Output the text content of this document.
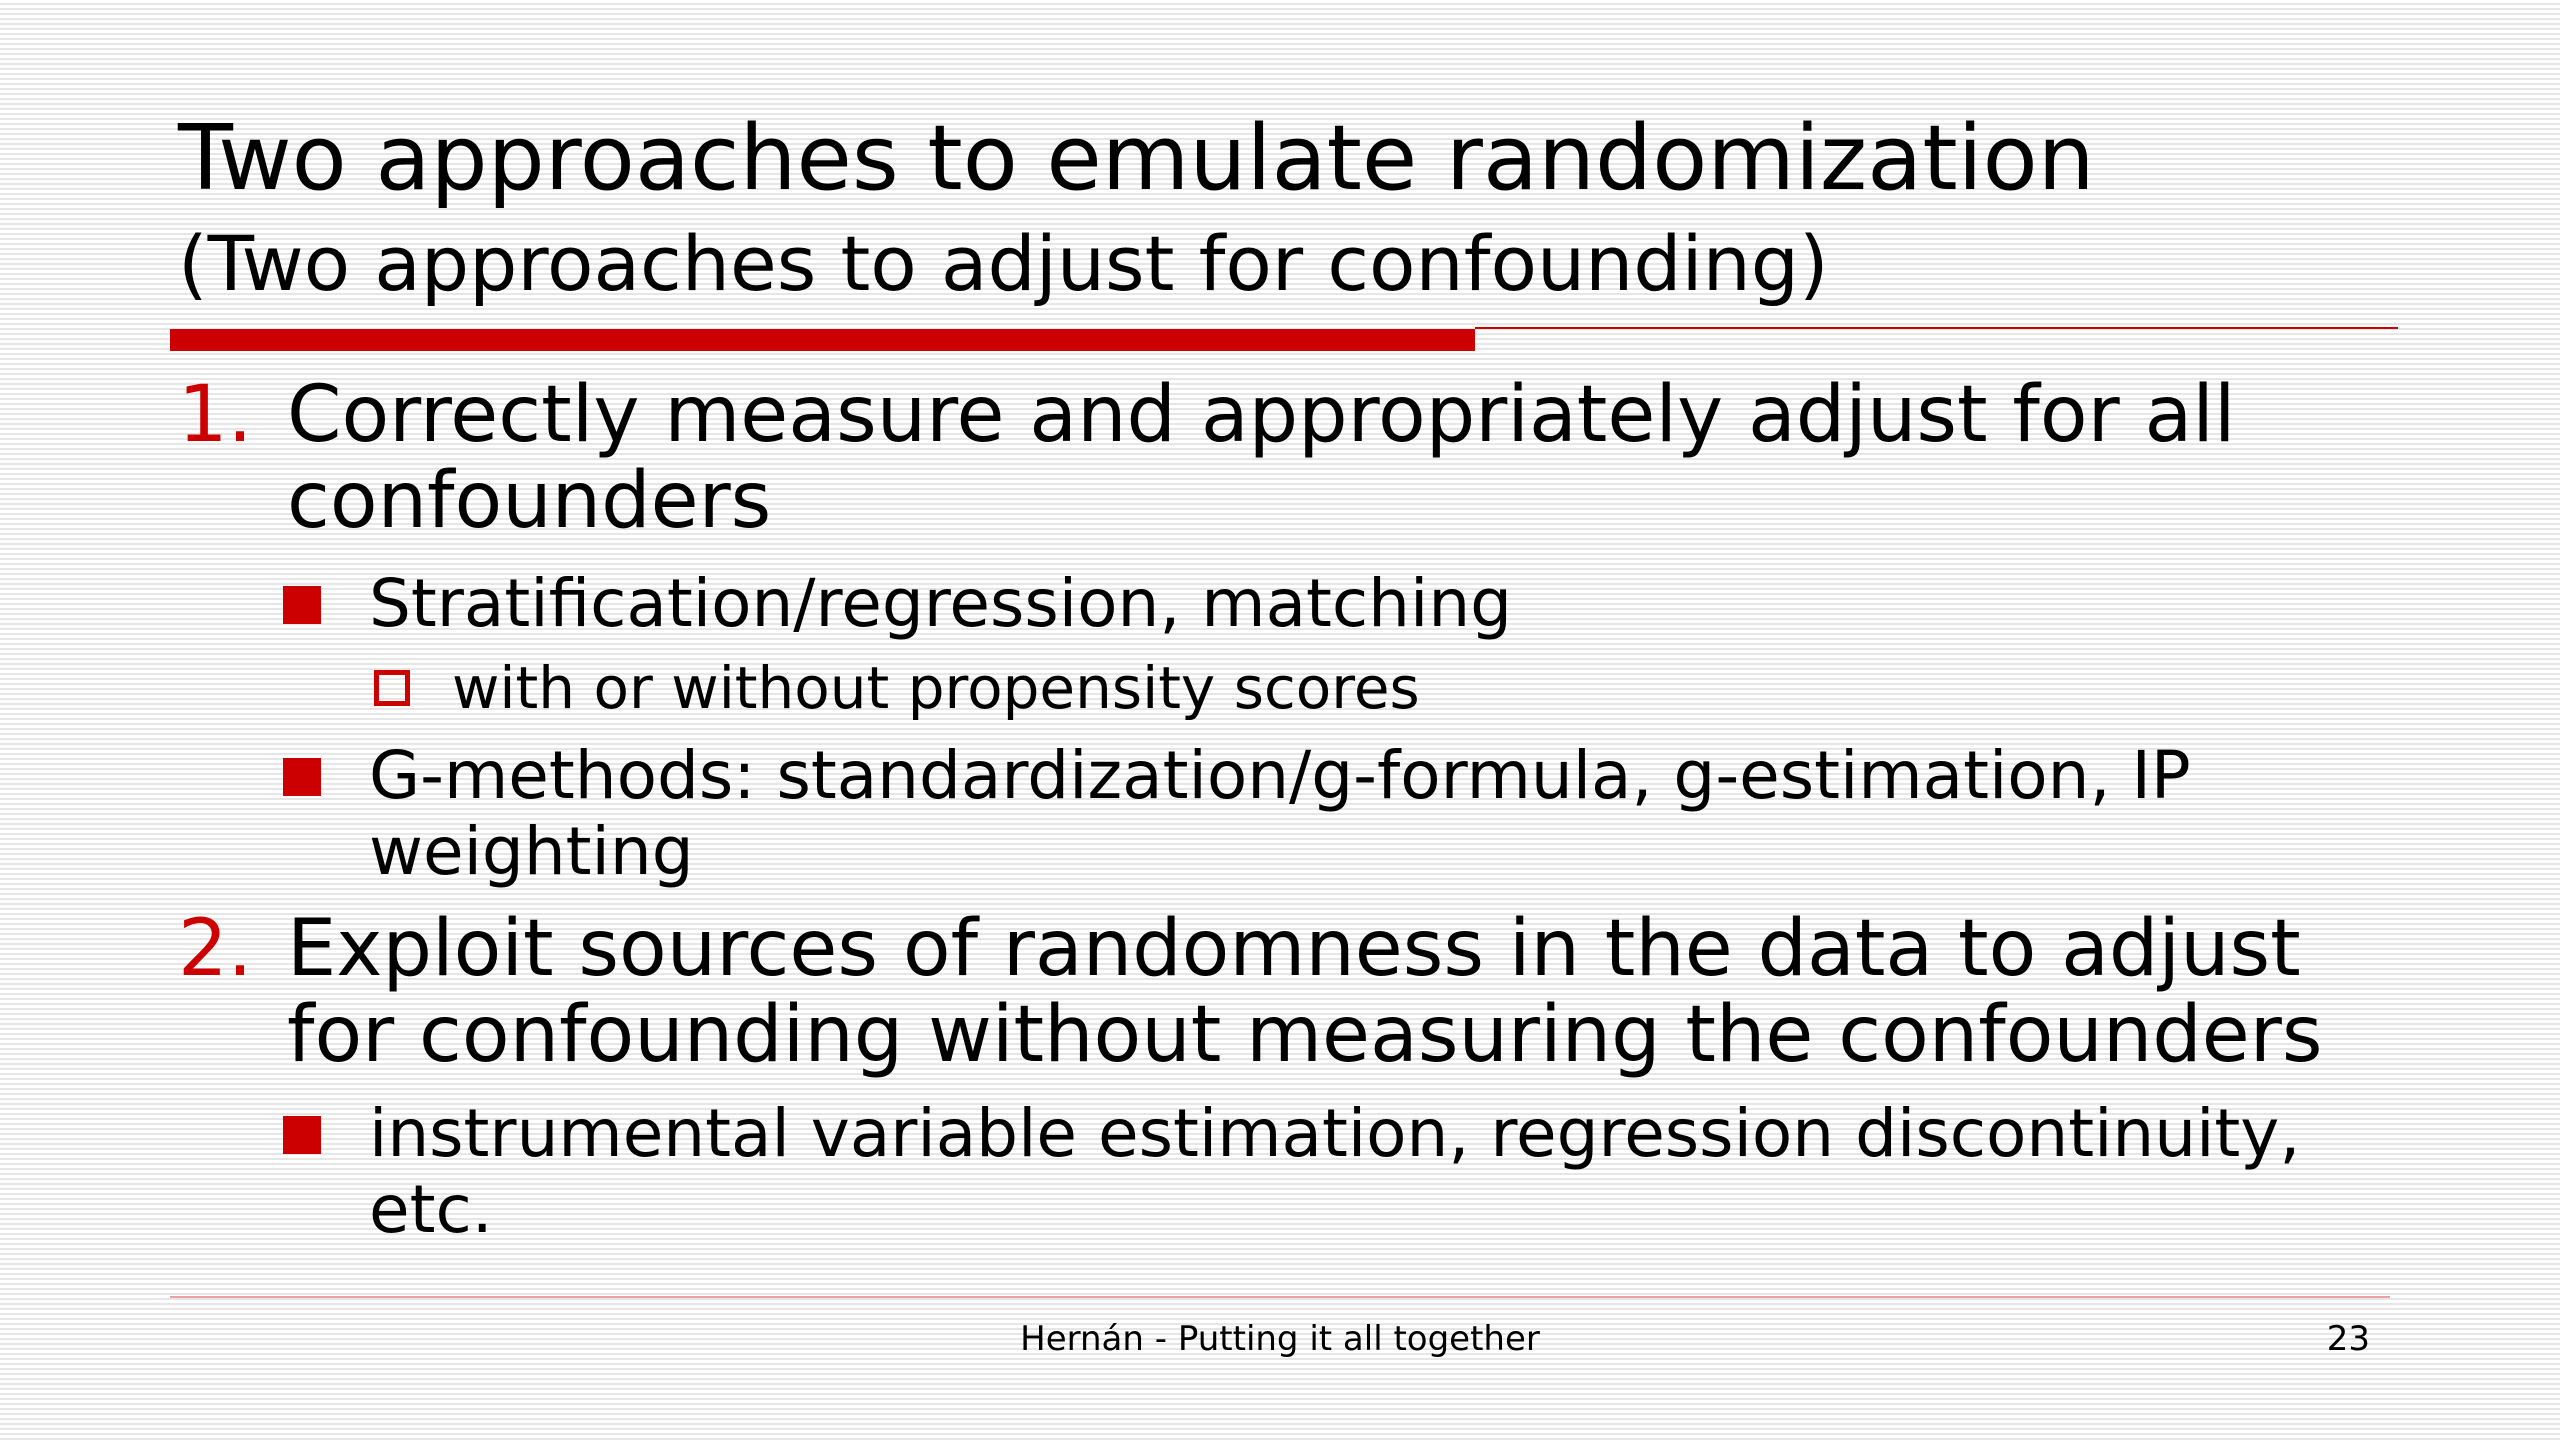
Two approaches to emulate randomization
(Two approaches to adjust for confounding)
1. Correctly measure and appropriately adjust for all confounders
Stratification/regression, matching
with or without propensity scores
G-methods: standardization/g-formula, g-estimation, IP weighting
2. Exploit sources of randomness in the data to adjust for confounding without measuring the confounders
instrumental variable estimation, regression discontinuity, etc.
Hernán - Putting it all together	23
